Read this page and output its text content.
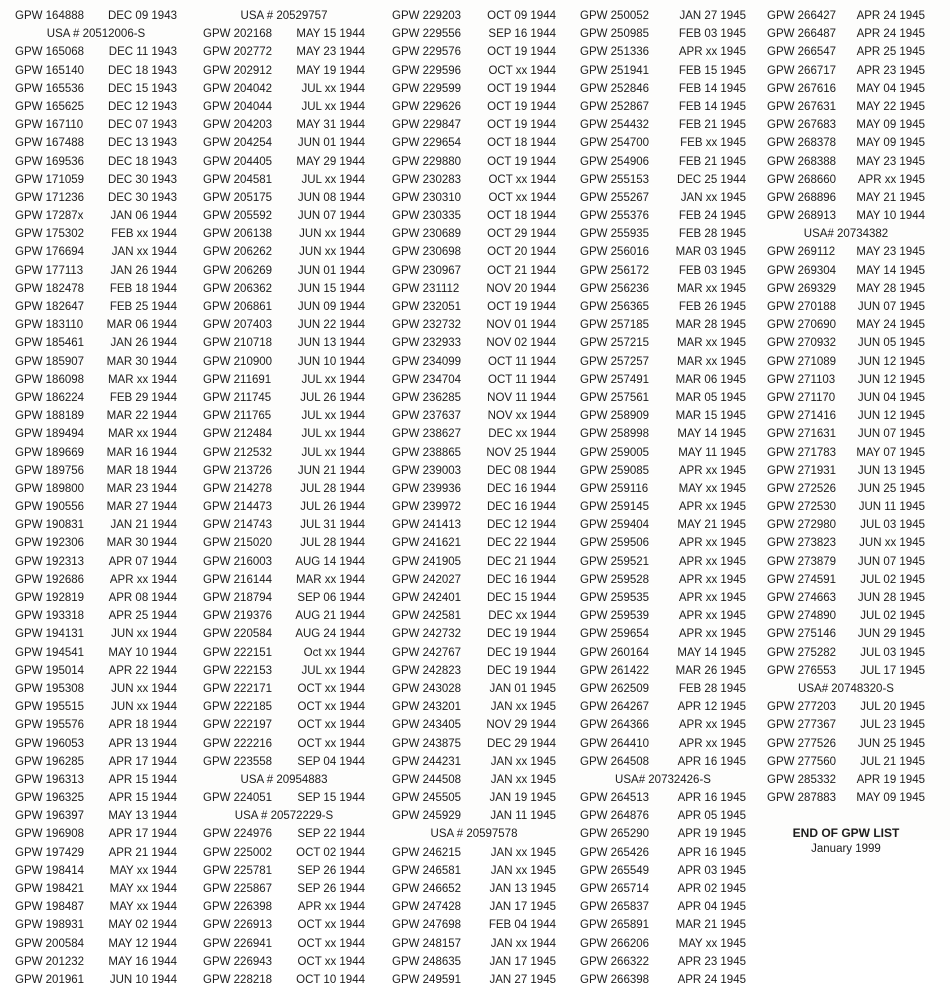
GPW 164888 DEC 09 1943
USA # 20512006-S
GPW 165068 DEC 11 1943
GPW 165140 DEC 18 1943
GPW 165536 DEC 15 1943
GPW 165625 DEC 12 1943
GPW 167110 DEC 07 1943
GPW 167488 DEC 13 1943
GPW 169536 DEC 18 1943
GPW 171059 DEC 30 1943
GPW 171236 DEC 30 1943
GPW 17287x JAN 06 1944
GPW 175302 FEB xx 1944
GPW 176694 JAN xx 1944
GPW 177113 JAN 26 1944
GPW 182478 FEB 18 1944
GPW 182647 FEB 25 1944
GPW 183110 MAR 06 1944
GPW 185461 JAN 26 1944
GPW 185907 MAR 30 1944
GPW 186098 MAR xx 1944
GPW 186224 FEB 29 1944
GPW 188189 MAR 22 1944
GPW 189494 MAR xx 1944
GPW 189669 MAR 16 1944
GPW 189756 MAR 18 1944
GPW 189800 MAR 23 1944
GPW 190556 MAR 27 1944
GPW 190831 JAN 21 1944
GPW 192306 MAR 30 1944
GPW 192313 APR 07 1944
GPW 192686 APR xx 1944
GPW 192819 APR 08 1944
GPW 193318 APR 25 1944
GPW 194131 JUN xx 1944
GPW 194541 MAY 10 1944
GPW 195014 APR 22 1944
GPW 195308 JUN xx 1944
GPW 195515 JUN xx 1944
GPW 195576 APR 18 1944
GPW 196053 APR 13 1944
GPW 196285 APR 17 1944
GPW 196313 APR 15 1944
GPW 196325 APR 15 1944
GPW 196397 MAY 13 1944
GPW 196908 APR 17 1944
GPW 197429 APR 21 1944
GPW 198414 MAY xx 1944
GPW 198421 MAY xx 1944
GPW 198487 MAY xx 1944
GPW 198931 MAY 02 1944
GPW 200584 MAY 12 1944
GPW 201232 MAY 16 1944
GPW 201961 JUN 10 1944
USA # 20529757
GPW 202168 MAY 15 1944
GPW 202772 MAY 23 1944
GPW 202912 MAY 19 1944
GPW 204042	JUL xx 1944
GPW 204044	JUL xx 1944
GPW 204203 MAY 31 1944
GPW 204254 JUN 01 1944
GPW 204405 MAY 29 1944
GPW 204581	JUL xx 1944
GPW 205175 JUN 08 1944
GPW 205592 JUN 07 1944
GPW 206138 JUN xx 1944
GPW 206262 JUN xx 1944
GPW 206269 JUN 01 1944
GPW 206362 JUN 15 1944
GPW 206861 JUN 09 1944
GPW 207403 JUN 22 1944
GPW 210718 JUN 13 1944
GPW 210900 JUN 10 1944
GPW 211691	JUL xx 1944
GPW 211745	JUL 26 1944
GPW 211765	JUL xx 1944
GPW 212484	JUL xx 1944
GPW 212532	JUL xx 1944
GPW 213726 JUN 21 1944
GPW 214278 JUL 28 1944
GPW 214473 JUL 26 1944
GPW 214743 JUL 31 1944
GPW 215020 JUL 28 1944
GPW 216003 AUG 14 1944
GPW 216144 MAR xx 1944
GPW 218794 SEP 06 1944
GPW 219376 AUG 21 1944
GPW 220584 AUG 24 1944
GPW 222151	Oct xx 1944
GPW 222153	JUL xx 1944
GPW 222171 OCT xx 1944
GPW 222185 OCT xx 1944
GPW 222197 OCT xx 1944
GPW 222216 OCT xx 1944
GPW 223558 SEP 04 1944
USA # 20954883
GPW 224051 SEP 15 1944
USA # 20572229-S
GPW 224976 SEP 22 1944
GPW 225002 OCT 02 1944
GPW 225781 SEP 26 1944
GPW 225867 SEP 26 1944
GPW 226398 APR xx 1944
GPW 226913 OCT xx 1944
GPW 226941 OCT xx 1944
GPW 226943 OCT xx 1944
GPW 228218 OCT 10 1944
GPW 229203 OCT 09 1944
GPW 229556 SEP 16 1944
GPW 229576 OCT 19 1944
GPW 229596 OCT xx 1944
GPW 229599 OCT 19 1944
GPW 229626 OCT 19 1944
GPW 229847 OCT 19 1944
GPW 229654 OCT 18 1944
GPW 229880 OCT 19 1944
GPW 230283 OCT xx 1944
GPW 230310 OCT xx 1944
GPW 230335 OCT 18 1944
GPW 230689 OCT 29 1944
GPW 230698 OCT 20 1944
GPW 230967 OCT 21 1944
GPW 231112 NOV 20 1944
GPW 232051 OCT 19 1944
GPW 232732 NOV 01 1944
GPW 232933 NOV 02 1944
GPW 234099 OCT 11 1944
GPW 234704 OCT 11 1944
GPW 236285 NOV 11 1944
GPW 237637 NOV xx 1944
GPW 238627 DEC xx 1944
GPW 238865 NOV 25 1944
GPW 239003 DEC 08 1944
GPW 239936 DEC 16 1944
GPW 239972 DEC 16 1944
GPW 241413 DEC 12 1944
GPW 241621 DEC 22 1944
GPW 241905 DEC 21 1944
GPW 242027 DEC 16 1944
GPW 242401 DEC 15 1944
GPW 242581 DEC xx 1944
GPW 242732 DEC 19 1944
GPW 242767 DEC 19 1944
GPW 242823 DEC 19 1944
GPW 243028 JAN 01 1945
GPW 243201	JAN xx 1945
GPW 243405 NOV 29 1944
GPW 243875 DEC 29 1944
GPW 244231	JAN xx 1945
GPW 244508	JAN xx 1945
GPW 245505 JAN 19 1945
GPW 245929	JAN 11 1945
USA # 20597578
GPW 246215	JAN xx 1945
GPW 246581	JAN xx 1945
GPW 246652 JAN 13 1945
GPW 247428 JAN 17 1945
GPW 247698 FEB 04 1944
GPW 248157	JAN xx 1944
GPW 248635 JAN 17 1945
GPW 249591 JAN 27 1945
GPW 250052	JAN 27 1945
GPW 250985	FEB 03 1945
GPW 251336	APR xx 1945
GPW 251941	FEB 15 1945
GPW 252846	FEB 14 1945
GPW 252867	FEB 14 1945
GPW 254432	FEB 21 1945
GPW 254700	FEB xx 1945
GPW 254906	FEB 21 1945
GPW 255153 DEC 25 1944
GPW 255267	JAN xx 1945
GPW 255376	FEB 24 1945
GPW 255935	FEB 28 1945
GPW 256016 MAR 03 1945
GPW 256172	FEB 03 1945
GPW 256236 MAR xx 1945
GPW 256365	FEB 26 1945
GPW 257185 MAR 28 1945
GPW 257215 MAR xx 1945
GPW 257257 MAR xx 1945
GPW 257491 MAR 06 1945
GPW 257561 MAR 05 1945
GPW 258909 MAR 15 1945
GPW 258998 MAY 14 1945
GPW 259005	MAY 11 1945
GPW 259085	APR xx 1945
GPW 259116	MAY xx 1945
GPW 259145	APR xx 1945
GPW 259404 MAY 21 1945
GPW 259506	APR xx 1945
GPW 259521	APR xx 1945
GPW 259528	APR xx 1945
GPW 259535	APR xx 1945
GPW 259539	APR xx 1945
GPW 259654	APR xx 1945
GPW 260164 MAY 14 1945
GPW 261422 MAR 26 1945
GPW 262509	FEB 28 1945
GPW 264267 APR 12 1945
GPW 264366	APR xx 1945
GPW 264410	APR xx 1945
GPW 264508 APR 16 1945
USA# 20732426-S
GPW 264513 APR 16 1945
GPW 264876 APR 05 1945
GPW 265290 APR 19 1945
GPW 265426 APR 16 1945
GPW 265549 APR 03 1945
GPW 265714 APR 02 1945
GPW 265837 APR 04 1945
GPW 265891 MAR 21 1945
GPW 266206	MAY xx 1945
GPW 266322 APR 23 1945
GPW 266398 APR 24 1945
GPW 266427 APR 24 1945
GPW 266487 APR 24 1945
GPW 266547 APR 25 1945
GPW 266717 APR 23 1945
GPW 267616 MAY 04 1945
GPW 267631 MAY 22 1945
GPW 267683 MAY 09 1945
GPW 268378 MAY 09 1945
GPW 268388 MAY 23 1945
GPW 268660 APR xx 1945
GPW 268896 MAY 21 1945
GPW 268913 MAY 10 1944
USA# 20734382
GPW 269112 MAY 23 1945
GPW 269304 MAY 14 1945
GPW 269329 MAY 28 1945
GPW 270188 JUN 07 1945
GPW 270690 MAY 24 1945
GPW 270932 JUN 05 1945
GPW 271089 JUN 12 1945
GPW 271103 JUN 12 1945
GPW 271170 JUN 04 1945
GPW 271416 JUN 12 1945
GPW 271631 JUN 07 1945
GPW 271783 MAY 07 1945
GPW 271931 JUN 13 1945
GPW 272526 JUN 25 1945
GPW 272530 JUN 11 1945
GPW 272980 JUL 03 1945
GPW 273823 JUN xx 1945
GPW 273879 JUN 07 1945
GPW 274591 JUL 02 1945
GPW 274663 JUN 28 1945
GPW 274890 JUL 02 1945
GPW 275146 JUN 29 1945
GPW 275282 JUL 03 1945
GPW 276553 JUL 17 1945
USA# 20748320-S
GPW 277203 JUL 20 1945
GPW 277367 JUL 23 1945
GPW 277526 JUN 25 1945
GPW 277560 JUL 21 1945
GPW 285332 APR 19 1945
GPW 287883 MAY 09 1945
END OF GPW LIST
January 1999
